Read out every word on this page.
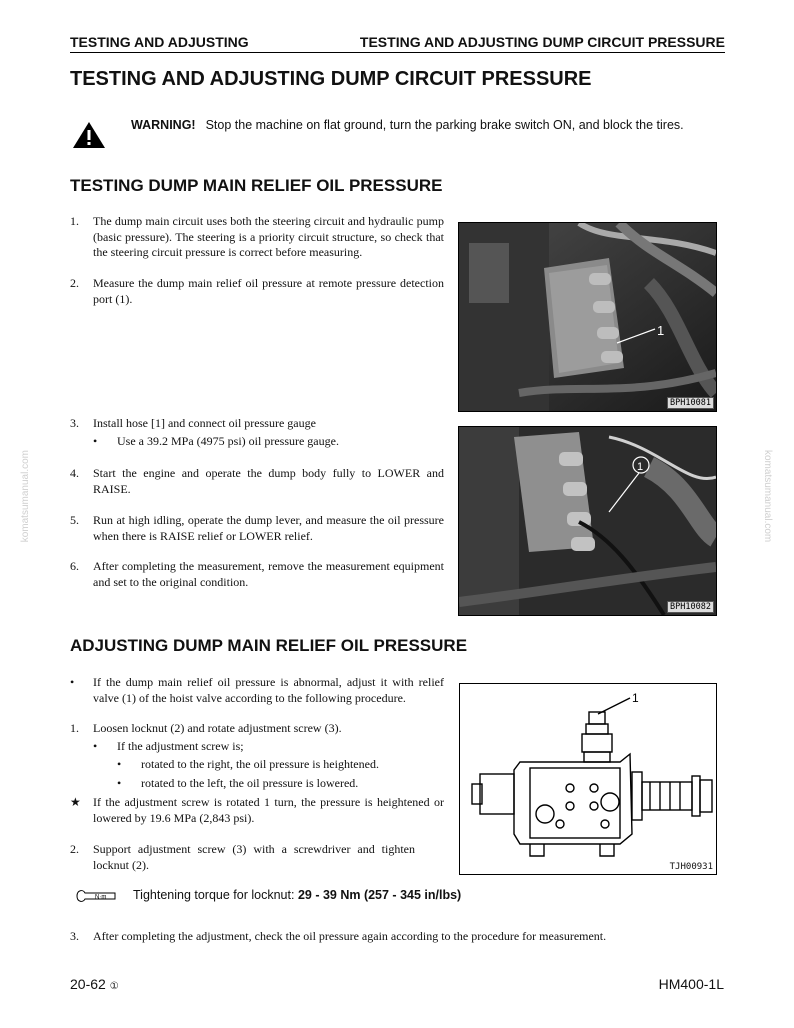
TESTING AND ADJUSTING	TESTING AND ADJUSTING DUMP CIRCUIT PRESSURE
TESTING AND ADJUSTING DUMP CIRCUIT PRESSURE
WARNING! Stop the machine on flat ground, turn the parking brake switch ON, and block the tires.
TESTING DUMP MAIN RELIEF OIL PRESSURE
1. The dump main circuit uses both the steering circuit and hydraulic pump (basic pressure). The steering is a priority circuit structure, so check that the steering circuit pressure is correct before measuring.
2. Measure the dump main relief oil pressure at remote pressure detection port (1).
3. Install hose [1] and connect oil pressure gauge
• Use a 39.2 MPa (4975 psi) oil pressure gauge.
4. Start the engine and operate the dump body fully to LOWER and RAISE.
5. Run at high idling, operate the dump lever, and measure the oil pressure when there is RAISE relief or LOWER relief.
6. After completing the measurement, remove the measurement equipment and set to the original condition.
1
BPH10081
1
BPH10082
ADJUSTING DUMP MAIN RELIEF OIL PRESSURE
• If the dump main relief oil pressure is abnormal, adjust it with relief valve (1) of the hoist valve according to the following procedure.
1. Loosen locknut (2) and rotate adjustment screw (3).
• If the adjustment screw is;
• rotated to the right, the oil pressure is heightened.
• rotated to the left, the oil pressure is lowered.
★ If the adjustment screw is rotated 1 turn, the pressure is heightened or lowered by 19.6 MPa (2,843 psi).
2. Support adjustment screw (3) with a screwdriver and tighten locknut (2).
N·m Tightening torque for locknut: 29 - 39 Nm (257 - 345 in/lbs)
3. After completing the adjustment, check the oil pressure again according to the procedure for measurement.
1
TJH00931
komatsumanual.com	komatsumanual.com
20-62 ①	HM400-1L
